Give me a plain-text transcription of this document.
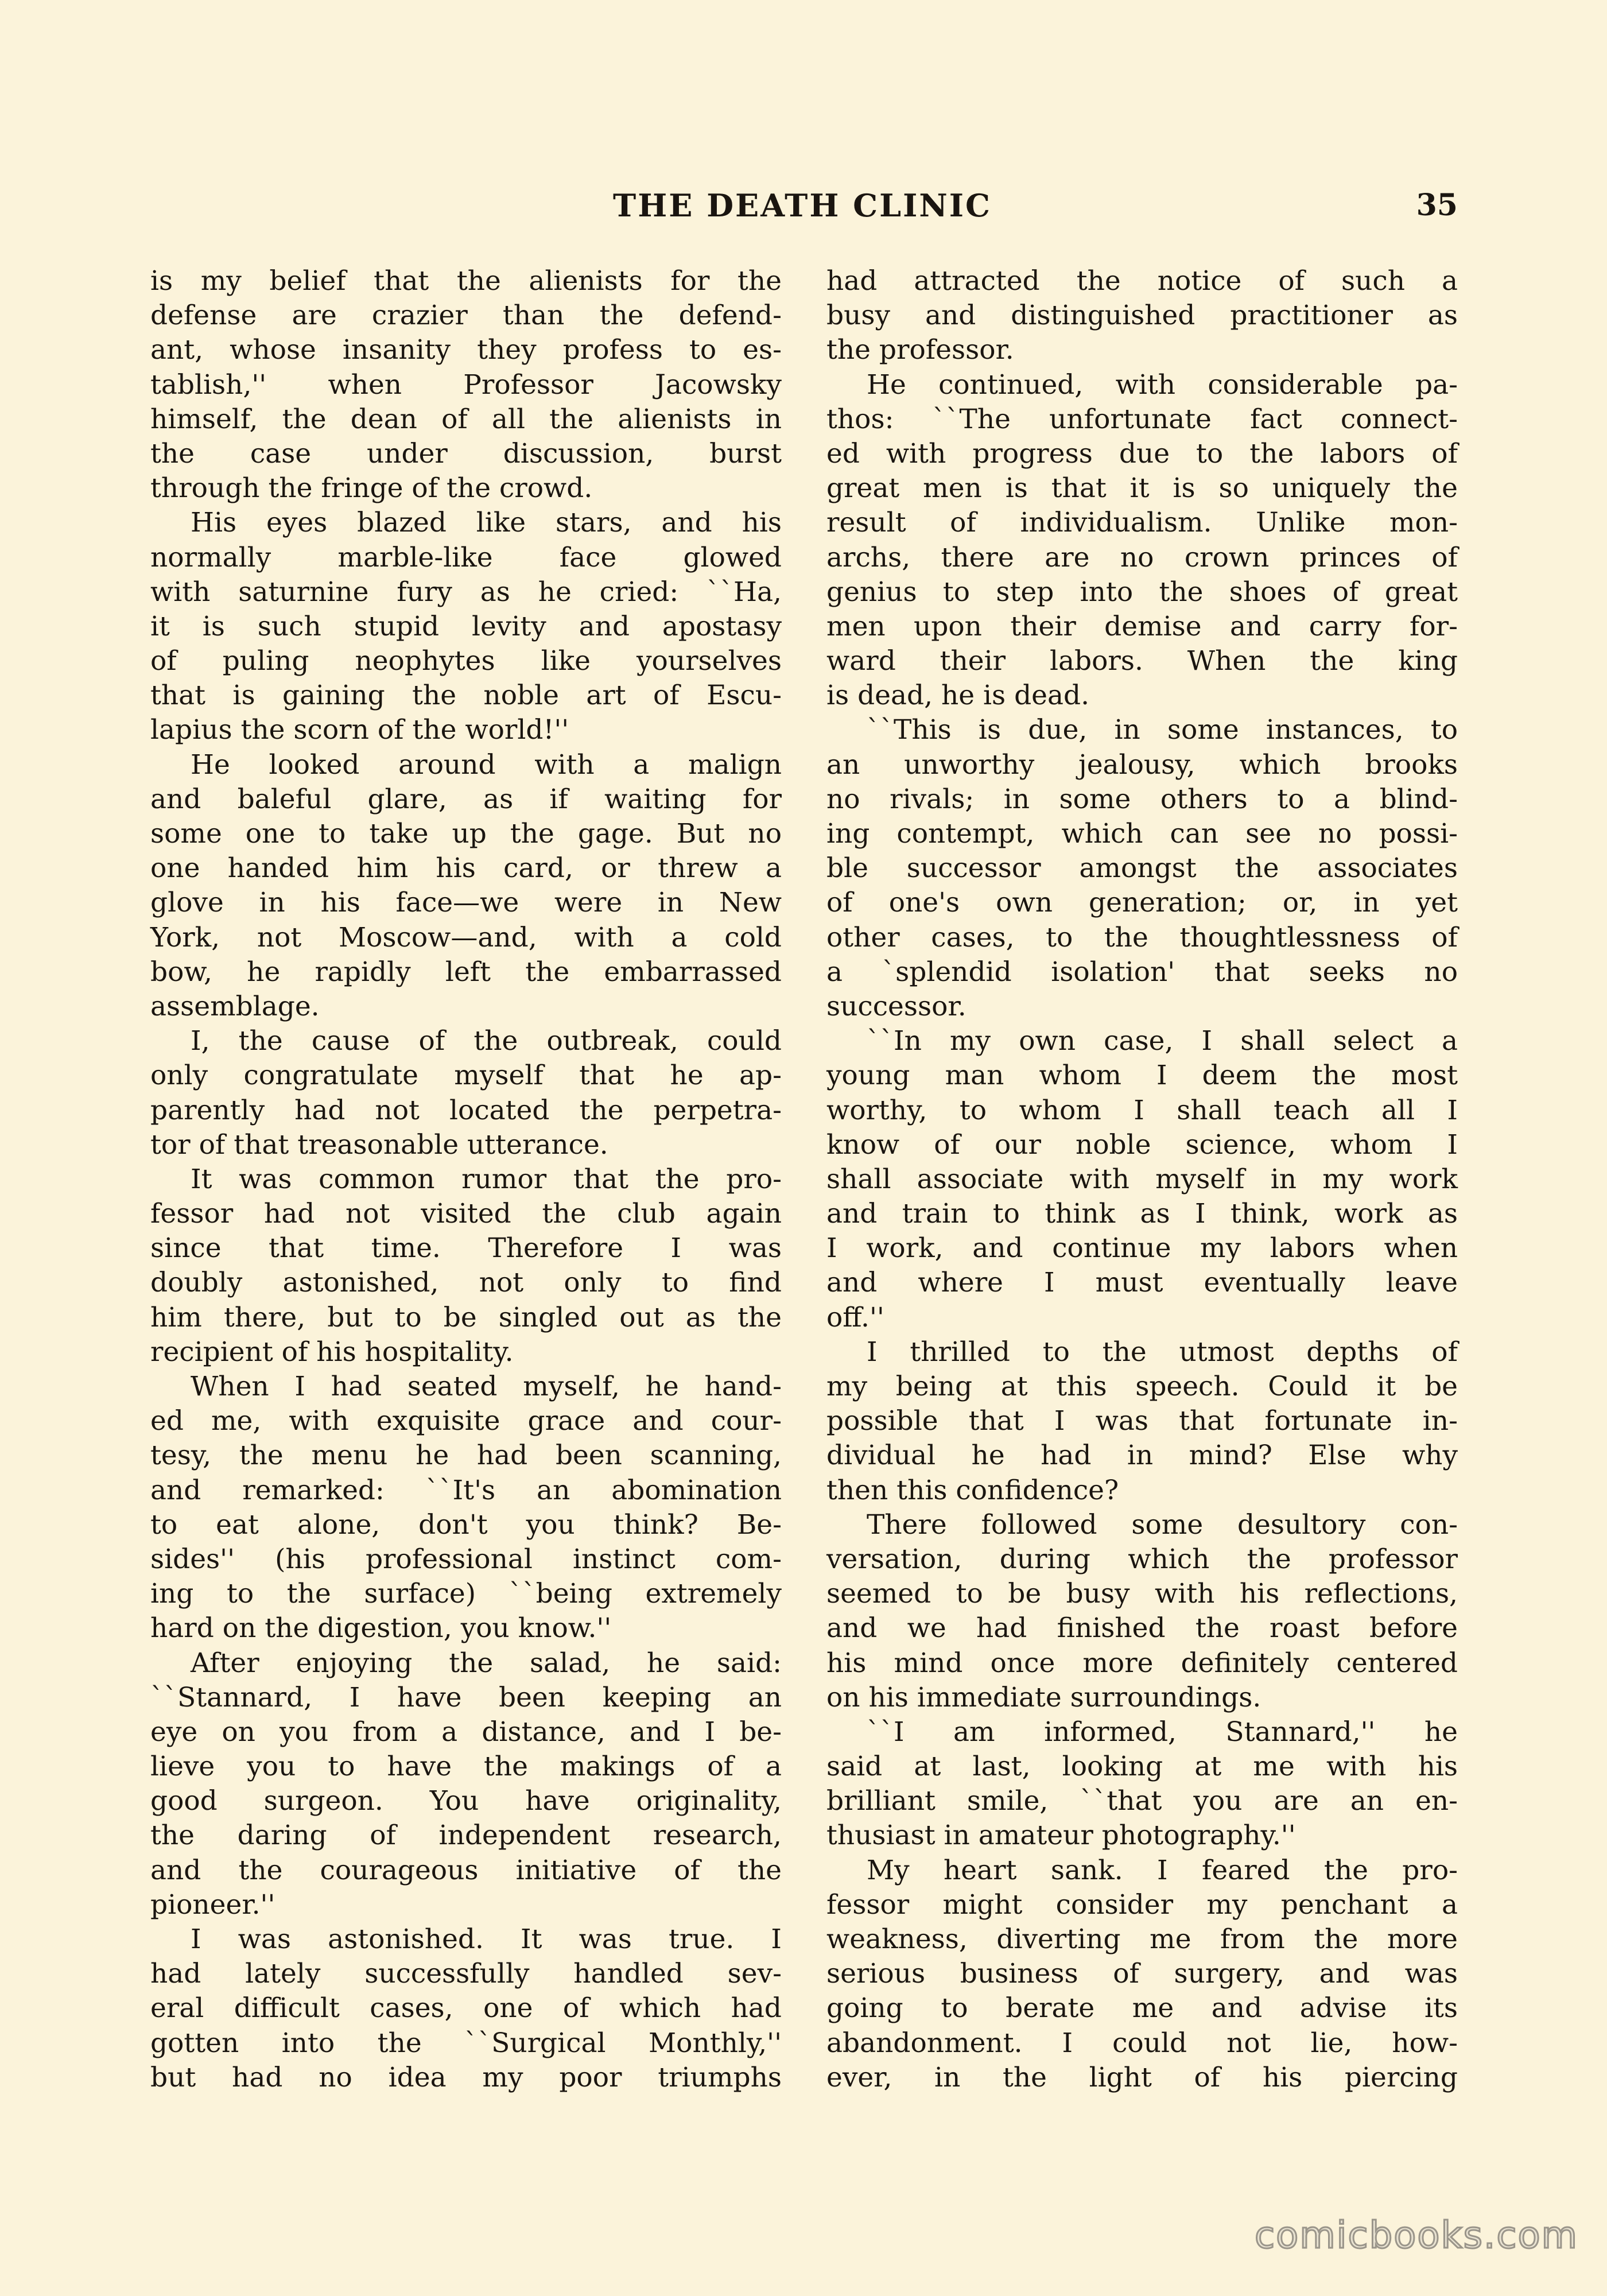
THE DEATH CLINIC	35
is my belief that the alienists for the
defense are crazier than the defend-
ant, whose insanity they profess to es-
tablish,'' when Professor Jacowsky
himself, the dean of all the alienists in
the case under discussion, burst
through the fringe of the crowd.
His eyes blazed like stars, and his
normally marble-like face glowed
with saturnine fury as he cried: ``Ha,
it is such stupid levity and apostasy
of puling neophytes like yourselves
that is gaining the noble art of Escu-
lapius the scorn of the world!''
He looked around with a malign
and baleful glare, as if waiting for
some one to take up the gage. But no
one handed him his card, or threw a
glove in his face—we were in New
York, not Moscow—and, with a cold
bow, he rapidly left the embarrassed
assemblage.
I, the cause of the outbreak, could
only congratulate myself that he ap-
parently had not located the perpetra-
tor of that treasonable utterance.
It was common rumor that the pro-
fessor had not visited the club again
since that time. Therefore I was
doubly astonished, not only to find
him there, but to be singled out as the
recipient of his hospitality.
When I had seated myself, he hand-
ed me, with exquisite grace and cour-
tesy, the menu he had been scanning,
and remarked: ``It's an abomination
to eat alone, don't you think? Be-
sides'' (his professional instinct com-
ing to the surface) ``being extremely
hard on the digestion, you know.''
After enjoying the salad, he said:
``Stannard, I have been keeping an
eye on you from a distance, and I be-
lieve you to have the makings of a
good surgeon. You have originality,
the daring of independent research,
and the courageous initiative of the
pioneer.''
I was astonished. It was true. I
had lately successfully handled sev-
eral difficult cases, one of which had
gotten into the ``Surgical Monthly,''
but had no idea my poor triumphs
had attracted the notice of such a
busy and distinguished practitioner as
the professor.
He continued, with considerable pa-
thos: ``The unfortunate fact connect-
ed with progress due to the labors of
great men is that it is so uniquely the
result of individualism. Unlike mon-
archs, there are no crown princes of
genius to step into the shoes of great
men upon their demise and carry for-
ward their labors. When the king
is dead, he is dead.
``This is due, in some instances, to
an unworthy jealousy, which brooks
no rivals; in some others to a blind-
ing contempt, which can see no possi-
ble successor amongst the associates
of one's own generation; or, in yet
other cases, to the thoughtlessness of
a `splendid isolation' that seeks no
successor.
``In my own case, I shall select a
young man whom I deem the most
worthy, to whom I shall teach all I
know of our noble science, whom I
shall associate with myself in my work
and train to think as I think, work as
I work, and continue my labors when
and where I must eventually leave
off.''
I thrilled to the utmost depths of
my being at this speech. Could it be
possible that I was that fortunate in-
dividual he had in mind? Else why
then this confidence?
There followed some desultory con-
versation, during which the professor
seemed to be busy with his reflections,
and we had finished the roast before
his mind once more definitely centered
on his immediate surroundings.
``I am informed, Stannard,'' he
said at last, looking at me with his
brilliant smile, ``that you are an en-
thusiast in amateur photography.''
My heart sank. I feared the pro-
fessor might consider my penchant a
weakness, diverting me from the more
serious business of surgery, and was
going to berate me and advise its
abandonment. I could not lie, how-
ever, in the light of his piercing
comicbooks.com
